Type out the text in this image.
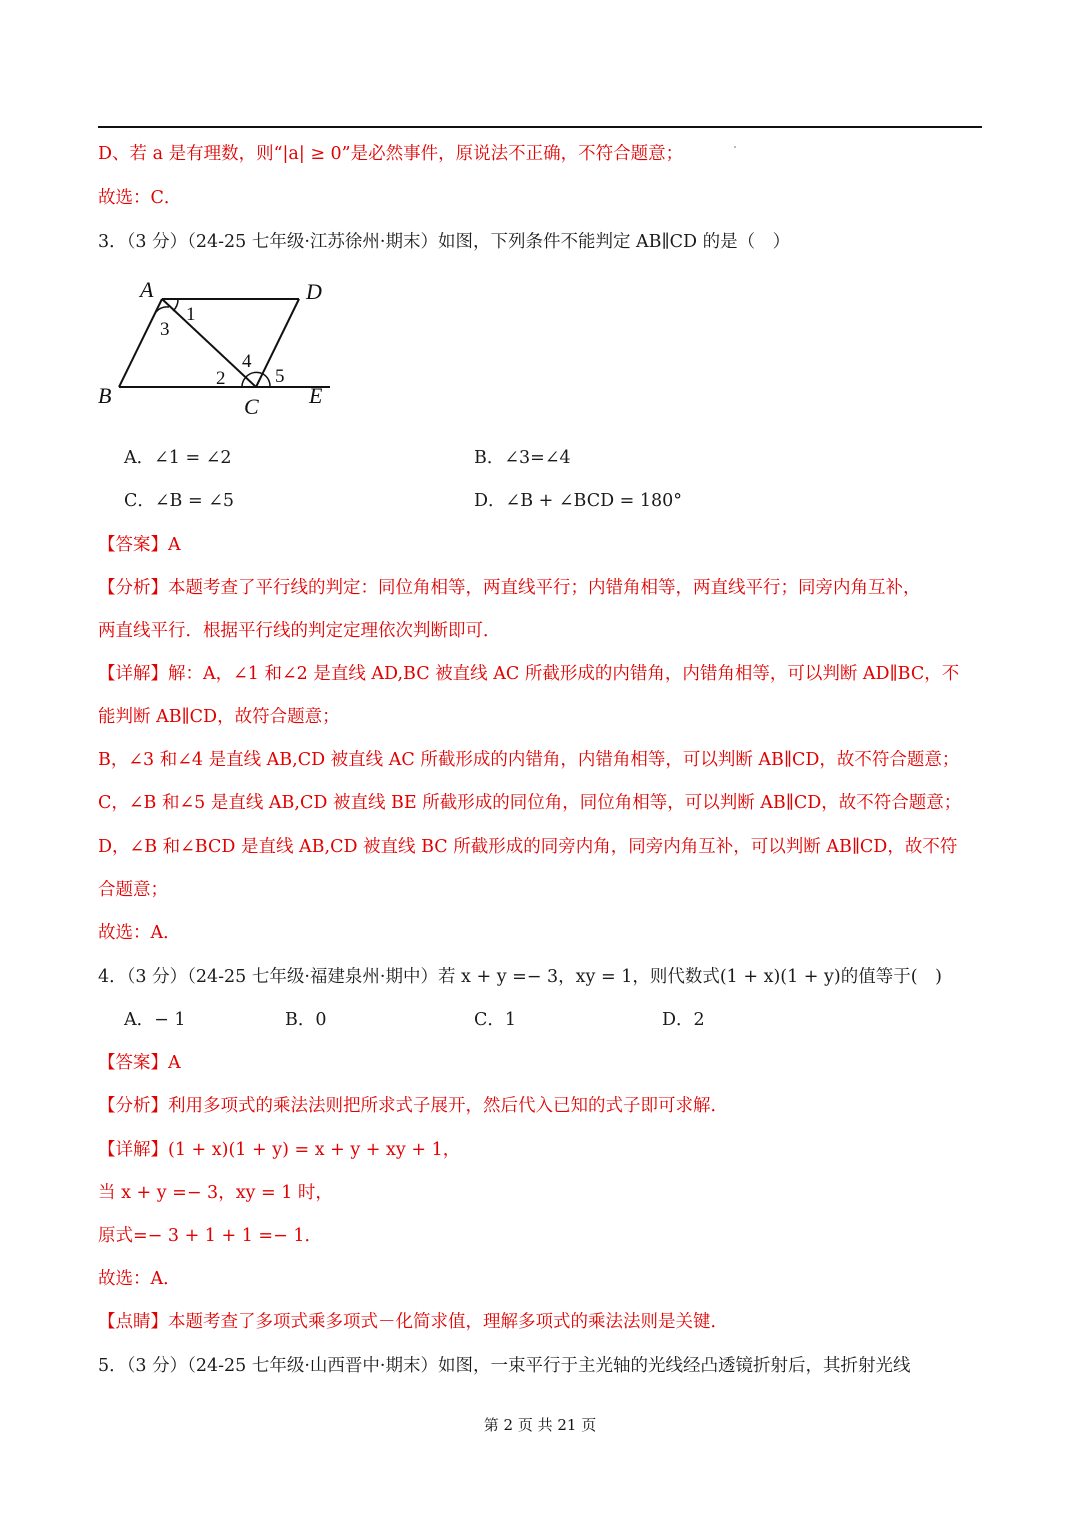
D、若 a 是有理数，则“|a| ≥ 0”是必然事件，原说法不正确，不符合题意；
故选：C．
3．（3 分）（24-25 七年级·江苏徐州·期末）如图，下列条件不能判定 AB∥CD 的是（　）
A	D
B	C E
1
3
4
2	5
A．∠1 = ∠2	B．∠3=∠4
C．∠B = ∠5	D．∠B + ∠BCD = 180°
【答案】A
【分析】本题考查了平行线的判定：同位角相等，两直线平行；内错角相等，两直线平行；同旁内角互补，
两直线平行．根据平行线的判定定理依次判断即可．
【详解】解：A，∠1 和∠2 是直线 AD,BC 被直线 AC 所截形成的内错角，内错角相等，可以判断 AD∥BC，不
能判断 AB∥CD，故符合题意；
B，∠3 和∠4 是直线 AB,CD 被直线 AC 所截形成的内错角，内错角相等，可以判断 AB∥CD，故不符合题意；
C，∠B 和∠5 是直线 AB,CD 被直线 BE 所截形成的同位角，同位角相等，可以判断 AB∥CD，故不符合题意；
D，∠B 和∠BCD 是直线 AB,CD 被直线 BC 所截形成的同旁内角，同旁内角互补，可以判断 AB∥CD，故不符
合题意；
故选：A．
4．（3 分）（24-25 七年级·福建泉州·期中）若 x + y =− 3，xy = 1，则代数式(1 + x)(1 + y)的值等于(　)
A．− 1	B．0	C．1	D．2
【答案】A
【分析】利用多项式的乘法法则把所求式子展开，然后代入已知的式子即可求解．
【详解】(1 + x)(1 + y) = x + y + xy + 1，
当 x + y =− 3，xy = 1 时，
原式=− 3 + 1 + 1 =− 1．
故选：A．
【点睛】本题考查了多项式乘多项式－化简求值，理解多项式的乘法法则是关键．
5．（3 分）（24-25 七年级·山西晋中·期末）如图，一束平行于主光轴的光线经凸透镜折射后，其折射光线
第 2 页 共 21 页
